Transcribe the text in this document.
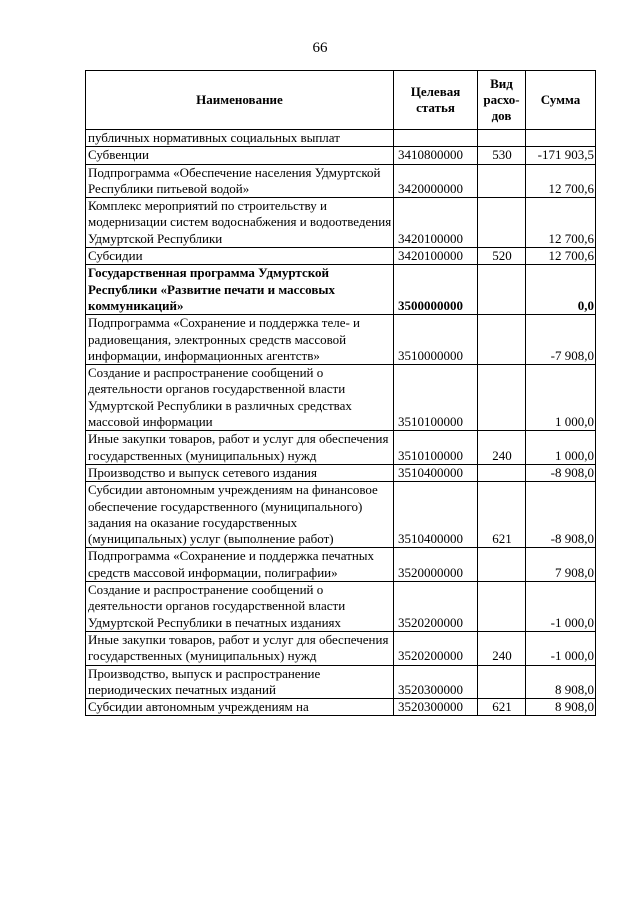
66
Наименование	Целевая статья	Вид расхо-дов	Сумма
публичных нормативных социальных выплат			
Субвенции	3410800000	530	-171 903,5
Подпрограмма «Обеспечение населения Удмуртской Республики питьевой водой»	3420000000		12 700,6
Комплекс мероприятий по строительству и модернизации систем водоснабжения и водоотведения Удмуртской Республики	3420100000		12 700,6
Субсидии	3420100000	520	12 700,6
Государственная программа Удмуртской Республики «Развитие печати и массовых коммуникаций»	3500000000		0,0
Подпрограмма «Сохранение и поддержка теле- и радиовещания, электронных средств массовой информации, информационных агентств»	3510000000		-7 908,0
Создание и распространение сообщений о деятельности органов государственной власти Удмуртской Республики в различных средствах массовой информации	3510100000		1 000,0
Иные закупки товаров, работ и услуг для обеспечения государственных (муниципальных) нужд	3510100000	240	1 000,0
Производство и выпуск сетевого издания	3510400000		-8 908,0
Субсидии автономным учреждениям на финансовое обеспечение государственного (муниципального) задания на оказание государственных (муниципальных) услуг (выполнение работ)	3510400000	621	-8 908,0
Подпрограмма «Сохранение и поддержка печатных средств массовой информации, полиграфии»	3520000000		7 908,0
Создание и распространение сообщений о деятельности органов государственной власти Удмуртской Республики в печатных изданиях	3520200000		-1 000,0
Иные закупки товаров, работ и услуг для обеспечения государственных (муниципальных) нужд	3520200000	240	-1 000,0
Производство, выпуск и распространение периодических печатных изданий	3520300000		8 908,0
Субсидии автономным учреждениям на	3520300000	621	8 908,0
